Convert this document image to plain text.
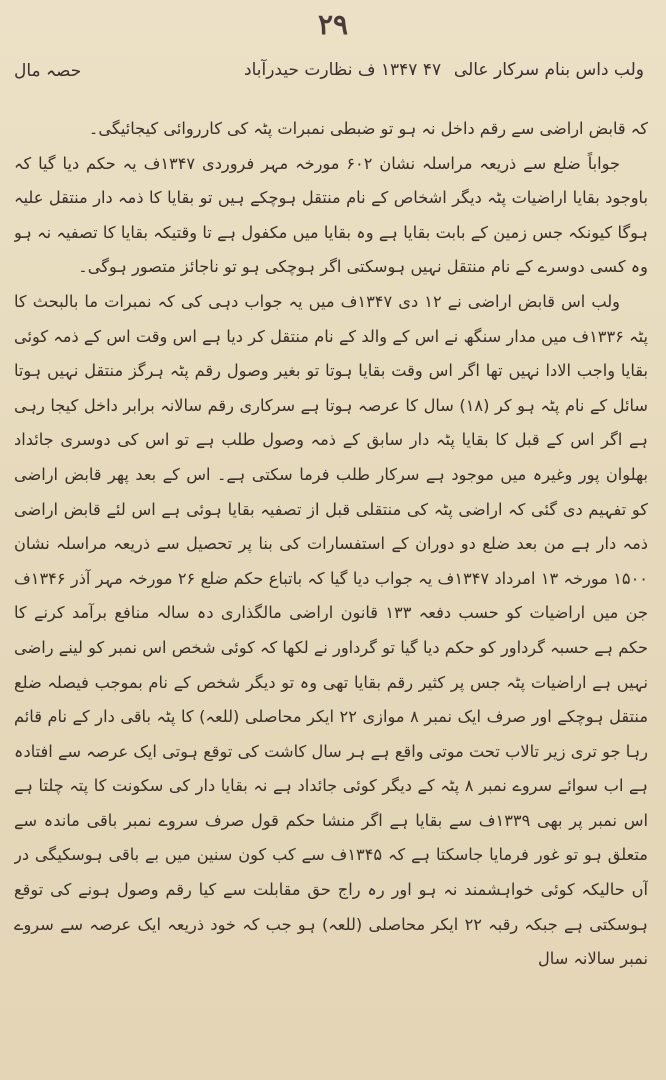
۲۹
ولب داس بنام سرکار عالی
۴۷ ۱۳۴۷ ف نظارت حیدرآباد
حصہ مال

کہ قابض اراضی سے رقم داخل نہ ہو تو ضبطی نمبرات پٹہ کی کارروائی کیجائیگی۔

جواباً ضلع سے ذریعہ مراسلہ نشان ۶۰۲ مورخہ مہر فروردی ۱۳۴۷ف یہ حکم دیا گیا کہ باوجود بقایا اراضیات پٹہ دیگر اشخاص کے نام منتقل ہوچکے ہیں تو بقایا کا ذمہ دار منتقل علیہ ہوگا کیونکہ جس زمین کے بابت بقایا ہے وہ بقایا میں مکفول ہے تا وقتیکہ بقایا کا تصفیہ نہ ہو وہ کسی دوسرے کے نام منتقل نہیں ہوسکتی اگر ہوچکی ہو تو ناجائز متصور ہوگی۔

ولب اس قابض اراضی نے ۱۲ دی ۱۳۴۷ف میں یہ جواب دہی کی کہ نمبرات ما بالبحث کا پٹہ ۱۳۳۶ف میں مدار سنگھ نے اس کے والد کے نام منتقل کر دیا ہے اس وقت اس کے ذمہ کوئی بقایا واجب الادا نہیں تھا اگر اس وقت بقایا ہوتا تو بغیر وصول رقم پٹہ ہرگز منتقل نہیں ہوتا سائل کے نام پٹہ ہو کر (۱۸) سال کا عرصہ ہوتا ہے سرکاری رقم سالانہ برابر داخل کیجا رہی ہے اگر اس کے قبل کا بقایا پٹہ دار سابق کے ذمہ وصول طلب ہے تو اس کی دوسری جائداد بھلوان پور وغیرہ میں موجود ہے سرکار طلب فرما سکتی ہے۔ اس کے بعد پھر قابض اراضی کو تفہیم دی گئی کہ اراضی پٹہ کی منتقلی قبل از تصفیہ بقایا ہوئی ہے اس لئے قابض اراضی ذمہ دار ہے من بعد ضلع دو دوران کے استفسارات کی بنا پر تحصیل سے ذریعہ مراسلہ نشان ۱۵۰۰ مورخہ ۱۳ امرداد ۱۳۴۷ف یہ جواب دیا گیا کہ باتباع حکم ضلع ۲۶ مورخہ مہر آذر ۱۳۴۶ف جن میں اراضیات کو حسب دفعہ ۱۳۳ قانون اراضی مالگذاری دہ سالہ منافع برآمد کرنے کا حکم ہے حسبہ گرداور کو حکم دیا گیا تو گرداور نے لکھا کہ کوئی شخص اس نمبر کو لینے راضی نہیں ہے اراضیات پٹہ جس پر کثیر رقم بقایا تھی وہ تو دیگر شخص کے نام بموجب فیصلہ ضلع منتقل ہوچکے اور صرف ایک نمبر ۸ موازی ۲۲ ایکر محاصلی (للعہ) کا پٹہ باقی دار کے نام قائم رہا جو تری زیر تالاب تحت موتی واقع ہے ہر سال کاشت کی توقع ہوتی ایک عرصہ سے افتادہ ہے اب سوائے سروے نمبر ۸ پٹہ کے دیگر کوئی جائداد ہے نہ بقایا دار کی سکونت کا پتہ چلتا ہے اس نمبر پر بھی ۱۳۳۹ف سے بقایا ہے اگر منشا حکم قول صرف سروے نمبر باقی ماندہ سے متعلق ہو تو غور فرمایا جاسکتا ہے کہ ۱۳۴۵ف سے کب کون سنین میں بے باقی ہوسکیگی در آں حالیکہ کوئی خواہشمند نہ ہو اور رہ راج حق مقابلت سے کیا رقم وصول ہونے کی توقع ہوسکتی ہے جبکہ رقبہ ۲۲ ایکر محاصلی (للعہ) ہو جب کہ خود ذریعہ ایک عرصہ سے سروے نمبر سالانہ سال
